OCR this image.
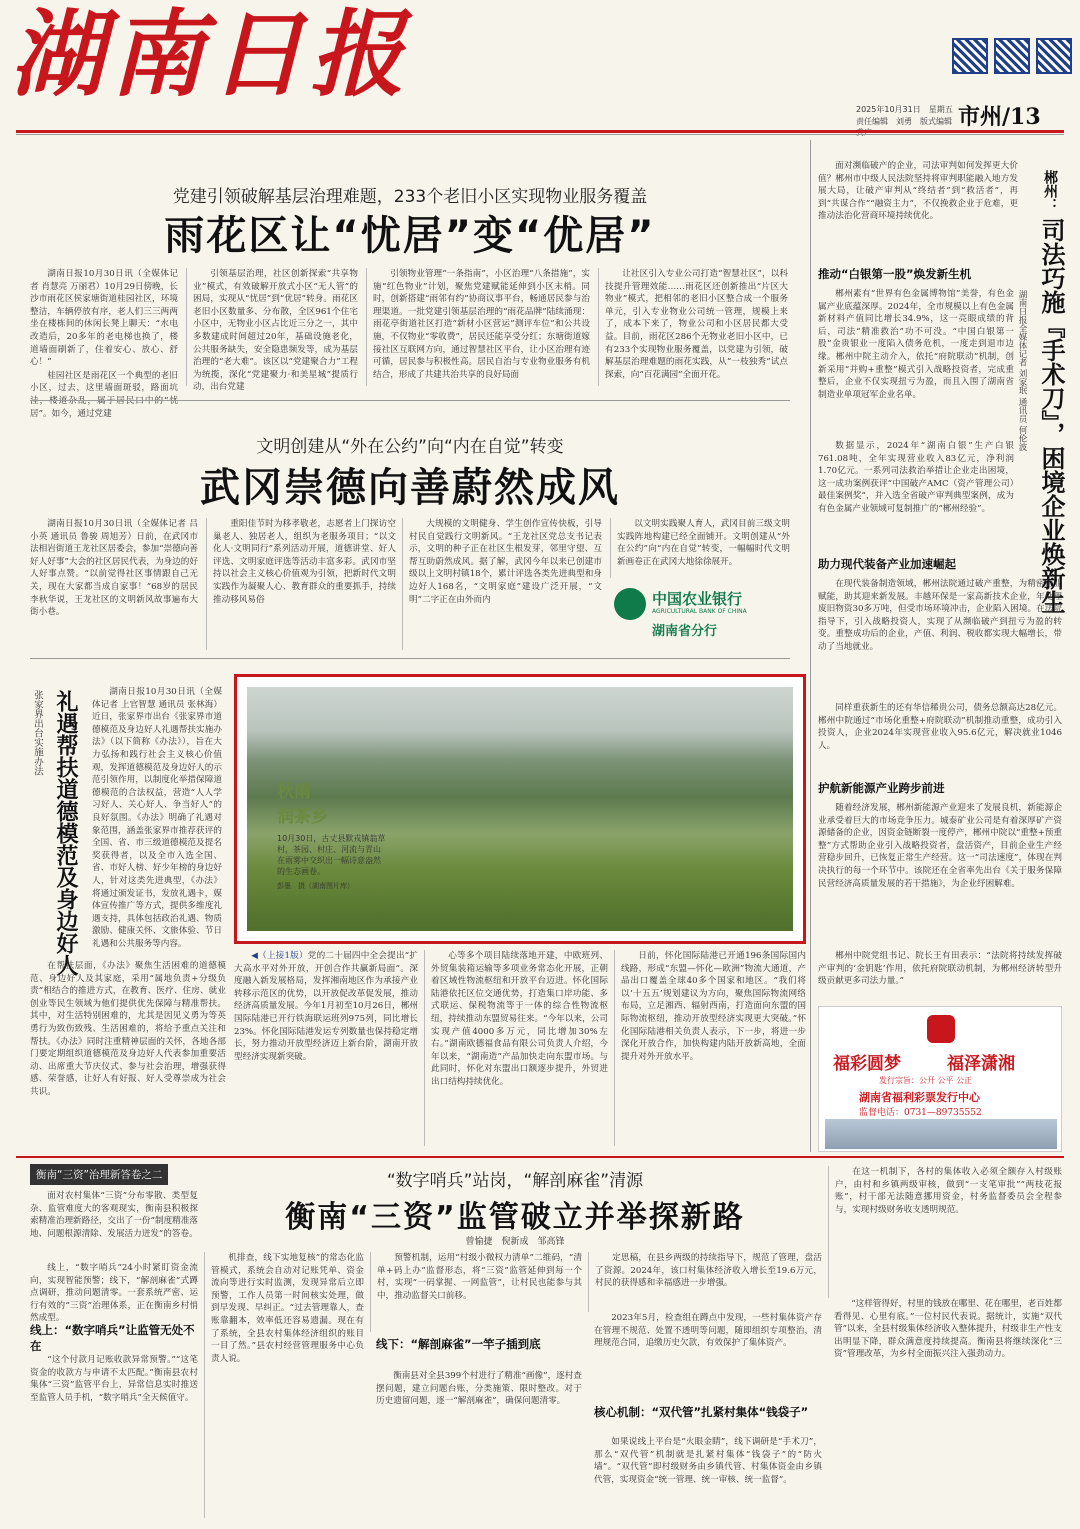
湖南日报	2025年10月31日　星期五
责任编辑　刘勇　版式编辑　 市州/13
党建引领破解基层治理难题，233个老旧小区实现物业服务覆盖
雨花区让“忧居”变“优居”

湖南日报10月30日讯（全媒体记者 肖慧亮 万丽君）10月29日傍晚，长沙市雨花区侯家塘街道桂园社区，环境整洁，车辆停放有序，老人们三三两两坐在楼栋间的休闲长凳上聊天：“水电改造后，20多年的老电梯也换了，楼道墙面刷新了，住着安心、放心、舒心！”

桂园社区是雨花区一个典型的老旧小区，过去，这里墙面斑驳，路面坑 居”。如今，通过党建

引领基层治理，社区创新探索“共享物业”模式，有效破解开放式小区“无人管”的困局，实现从“忧居”到“优居”转身。雨花区老旧小区数量多、分布散，全区961个住宅小区中，无物业小区占比近三分之一，其中多数建成时间超过20年，基础设施老化，公共服务缺失，安全隐患频发等，成为基层治理的“老大难”。该区以“党建聚合力”工程为统揽，深化“党建聚力·和美星城”提质行动，出台党建

引领物业管理“一条指南”，小区治理“八条措施”，实施“红色物业”计划，聚焦党建赋能延伸到小区末梢。同时，创新搭建“雨邻有约”协商议事平台，畅通居民参与治理渠道。一批党建引领基层治理的“雨花品牌”陆续涌现：雨花亭街道社区打造“新材小区营运”测评车位”和公共设施，不仅物业“零收费”，居民还能享受分红；东塘街道嫁接社区互联网方向，通过智慧社区平台，让小区治理有迹可循，居民参与积极性高。居民自治与专业物业服务有机结合，形成了共建共治共享的良好局面

让社区引入专业公司打造“智慧社区”，以科技提升管理效能……雨花区还创新推出“片区大物业”模式，把相邻的老旧小区整合成一个服务单元，引入专业物业公司统一管理，规模上来了，成本下来了，物业公司和小区居民都大受益。目前，雨花区286个无物业老旧小区中，已有233个实现物业服务覆盖，以党建为引领，破解基层治理难题的雨花实践，从“一枝独秀”试点探索，向“百花满园”全面开花。

文明创建从“外在公约”向“内在自觉”转变
武冈崇德向善蔚然成风

湖南日报10月30日讯（全媒体记者 吕小英 通讯员 鲁骏 周旭芳）日前，在武冈市法相岩街道王龙社区居委会，参加“崇德向善好人好事”大会的社区居民代表，为身边的好人好事点赞。“以前觉得社区事情跟自己无关，现在大家都当成自家事！”68岁的居民李秋华说，王龙社区的文明新风故事遍布大街小巷。

重阳佳节时为移孝敬老，志愿者上门探访空巢老人、独居老人，组织为老服务项目；“以文化人·文明同行”系列活动开展，道德讲堂、好人评选、文明家庭评选等活动丰富多彩。武冈市坚持以社会主义核心价值观为引领，把新时代文明实践作为凝聚人心、教育群众的重要抓手，持续推动移风易俗

大规模的文明健身、学生创作宣传快板，引导村民自觉践行文明新风。“王龙社区党总支书记表示，文明的种子正在社区生根发芽，邻里守望、互帮互助蔚然成风。据了解，武冈今年以来已创建市级以上文明村镇18个，累计评选各类先进典型和身边好人168名，“文明家庭”建设广泛开展，“文明”二字正在由外而内

以文明实践聚人育人，武冈目前三级文明实践阵地构建已经全面铺开。文明创建从“外在公约”向“内在自觉”转变，一幅幅时代文明新画卷正在武冈大地徐徐展开。

中国农业银行
AGRICULTURAL BANK OF CHINA
湖南省分行
张家界出台实施办法 礼遇帮扶道德模范及身边好人	湖南日报10月30日讯（全媒体记者 上官智慧 通讯员 张林海）近日，张家界市出台《张家界市道德模范及身边好人礼遇帮扶实施办法》（以下简称《办法》），旨在大力弘扬和践行社会主义核心价值观，发挥道德模范及身边好人的示范引领作用，以制度化举措保障道德模范的合法权益，营造“人人学习好人、关心好人、争当好人”的良好氛围。《办法》明确了礼遇对象范围，涵盖张家界市推荐获评的全国、省、市三级道德模范及提名奖获得者，以及全市入选全国、省、市好人榜、好少年榜的身边好人，针对这类先进典型，《办法》将通过颁发证书，发放礼遇卡，媒体宣传推广等方式，提供多维度礼遇支持，具体包括政治礼遇、物质激励、健康关怀、文旅体验、节日礼遇和公共服务等内容。

在帮扶层面，《办法》聚焦生活困难的道德模范、身边好人及其家庭，采用“属地负责+分级负责”相结合的推进方式，在教育、医疗、住房、就业创业等民生领域为他们提供优先保障与精准帮扶。其中，对生活特别困难的，尤其是因见义勇为等英勇行为致伤致残、生活困难的，将给予重点关注和帮扶。《办法》同时注重精神层面的关怀，各地各部门要定期组织道德模范及身边好人代表参加重要活动、出席重大节庆仪式、参与社会治理，增强获得感、荣誉感，让好人有好报、好人受尊崇成为社会共识。

秋雨
润茶乡
10月30日，古丈县默戎镇翁草村，茶园、村庄、河流与青山在雨雾中交织出一幅诗意盎然的生态画卷。
彭墨　摄（湖南图片库）

◀（上接1版）党的二十届四中全会提出“扩大高水平对外开放，开创合作共赢新局面”。深度融入新发展格局，发挥湘南地区作为承接产业转移示范区的优势，以开放促改革促发展，推动经济高质量发展。今年1月初至10月26日，郴州国际陆港已开行铁海联运班列975列，同比增长23%。怀化国际陆港发运专列数量也保持稳定增长，努力推动开放型经济迈上新台阶，湖南开放型经济实现新突破。

心等多个项目陆续落地开建，中欧班列、外贸集装箱运输等多项业务常态化开展，正朝着区域性物流枢纽和开放平台迈进。怀化国际陆港依托区位交通优势，打造集口岸功能、多式联运、保税物流等于一体的综合性物流枢纽，持续推动东盟贸易往来。“今年以来，公司实现产值4000多万元，同比增加30%左右。”湖南欧德福食品有限公司负责人介绍，今年以来，“湖南造”产品加快走向东盟市场。与此同时，怀化对东盟出口额逐步提升，外贸进出口结构持续优化。

日前，怀化国际陆港已开通196条国际国内线路，形成“东盟—怀化—欧洲”物流大通道，产品出口覆盖全球40多个国家和地区。“我们将以‘十五五’规划建议为方向，聚焦国际物流网络布局，立足湘西、辐射西南，打造面向东盟的国际物流枢纽，推动开放型经济实现更大突破。”怀化国际陆港相关负责人表示，下一步，将进一步深化开放合作，加快构建内陆开放新高地，全面提升对外开放水平。

面对濒临破产的企业，司法审判如何发挥更大价值？郴州市中级人民法院坚持将审判职能融入地方发展大局，让破产审判从“终结者”到“救活者”，再到“共谋合作”“融资主力”，不仅挽救企业于危难，更推动法治化营商环境持续优化。

郴州：
司法巧施『手术刀』，困境企业焕新生
湖南日报全媒体记者 刘家珉 通讯员 何伦波
推动“白银第一股”焕发新生机

郴州素有“世界有色金属博物馆”美誉，有色金属产业底蕴深厚。2024年，全市规模以上有色金属新材料产值同比增长34.9%，这一亮眼成绩的背后，司法“精准救治”功不可没。“中国白银第一股”金贵银业一度陷入债务危机，一度走到退市边缘。郴州中院主动介入，依托“府院联动”机制，创新采用“并购+重整”模式引入战略投资者，完成重整后，企业不仅实现扭亏为盈，而且入围了湖南省制造业单项冠军企业名单。

数据显示，2024年“湖南白银”生产白银761.08吨，全年实现营业收入83亿元，净利润1.70亿元。一系列司法救治举措让企业走出困境，这一成功案例获评“中国破产AMC（资产管理公司）最佳案例奖”，并入选全省破产审判典型案例，成为有色金属产业领域可复制推广的“郴州经验”。

助力现代装备产业加速崛起

在现代装备制造领域，郴州法院通过破产重整，为精密企业赋能，助其迎来新发展。丰越环保是一家高新技术企业，年处理废旧物资30多万吨，但受市场环境冲击，企业陷入困境。在法院指导下，引入战略投资人，实现了从濒临破产到扭亏为盈的转变。重整成功后的企业，产值、利润、税收都实现大幅增长，带动了当地就业。

同样重获新生的还有华信稀贵公司，债务总额高达28亿元。郴州中院通过“市场化重整+府院联动”机制推动重整，成功引入投资人，企业2024年实现营业收入95.6亿元，解决就业1046人。

护航新能源产业跨步前进

随着经济发展，郴州新能源产业迎来了发展良机，新能源企业承受着巨大的市场竞争压力。城泰矿业公司是有着深厚矿产资源储备的企业，因资金链断裂一度停产，郴州中院以“重整+预重整”方式帮助企业引入战略投资者，盘活资产，目前企业生产经营稳步回升，已恢复正常生产经营。这一“司法速度”，体现在判决执行的每一个环节中。该院还在全省率先出台《关于服务保障民营经济高质量发展的若干措施》，为企业纾困解难。

郴州中院党组书记、院长王有田表示：“法院将持续发挥破产审判的‘金钥匙’作用，依托府院联动机制，为郴州经济转型升级贡献更多司法力量。”

福彩圆梦	福泽潇湘
发行宗旨：公开 公平 公正
湖南省福利彩票发行中心
监督电话：0731—89735552
衡南“三资”治理新答卷之二

面对农村集体“三资”分布零散、类型复杂、监管难度大的客观现实，衡南县积极探索精准治理新路径，交出了一份“制度精准落地、问题根源清除、发展活力迸发”的答卷。

“数字哨兵”站岗，“解剖麻雀”清源
衡南“三资”监管破立并举探新路
曾愉捷　倪新成　邹高锋

线上，“数字哨兵”24小时紧盯资金流向，实现智能预警；线下，“解剖麻雀”式蹲点调研，推动问题清零。一套系统严密、运行有效的“三资”治理体系，正在衡南乡村悄然成型。

线上：“数字哨兵”让监管无处不在

“这个付款月记账收款异常预警。”“这笔资金的收款方与申请不太匹配。”衡南县农村集体“三资”监管平台上，异常信息实时推送至监管人员手机，“数字哨兵”全天候值守。

机排查，线下实地复核”的常态化监管模式，系统会自动对记账凭单、资金流向等进行实时监测，发现异常后立即预警，工作人员第一时间核实处理，做到早发现、早纠正。“过去管理靠人，查账靠翻本，效率低还容易遗漏。现在有了系统，全县农村集体经济组织的账目一目了然。”县农村经营管理服务中心负责人说。

预警机制，运用“村级小微权力清单”二维码，“清单+码上办”监督形态，将“三资”监管延伸到每一个村，实现“一码掌握、一网监管”，让村民也能参与其中，推动监督关口前移。

线下：“解剖麻雀”一竿子插到底

衡南县对全县399个村进行了精准“画像”，逐村查摆问题，建立问题台账，分类施策、限时整改。对于历史遗留问题，逐一“解剖麻雀”，确保问题清零。

定思稿，在县乡两级的持续指导下，规范了管理，盘活了资源。2024年，该口村集体经济收入增长至19.6万元，村民的获得感和幸福感进一步增强。

2023年5月，检查组在蹲点中发现，一些村集体资产存在管理不规范、处置不透明等问题，随即组织专项整治，清理规范合同，追缴历史欠款，有效保护了集体资产。

核心机制：“双代管”扎紧村集体“钱袋子”

如果说线上平台是“火眼金睛”，线下调研是“手术刀”，那么“双代管”机制就是扎紧村集体“钱袋子”的“防火墙”。“双代管”即村级财务由乡镇代管、村集体资金由乡镇代管，实现资金“统一管理、统一审核、统一监督”。

在这一机制下，各村的集体收入必须全额存入村级账户，由村和乡镇两级审核，做到“一支笔审批”“两枝花报账”，村干部无法随意挪用资金，村务监督委员会全程参与，实现村级财务收支透明规范。

“这样管得好，村里的钱放在哪里、花在哪里，老百姓都看得见、心里有底。”一位村民代表说。据统计，实施“双代管”以来，全县村级集体经济收入整体提升，村级非生产性支出明显下降，群众满意度持续提高。衡南县将继续深化“三资”管理改革，为乡村全面振兴注入强劲动力。
